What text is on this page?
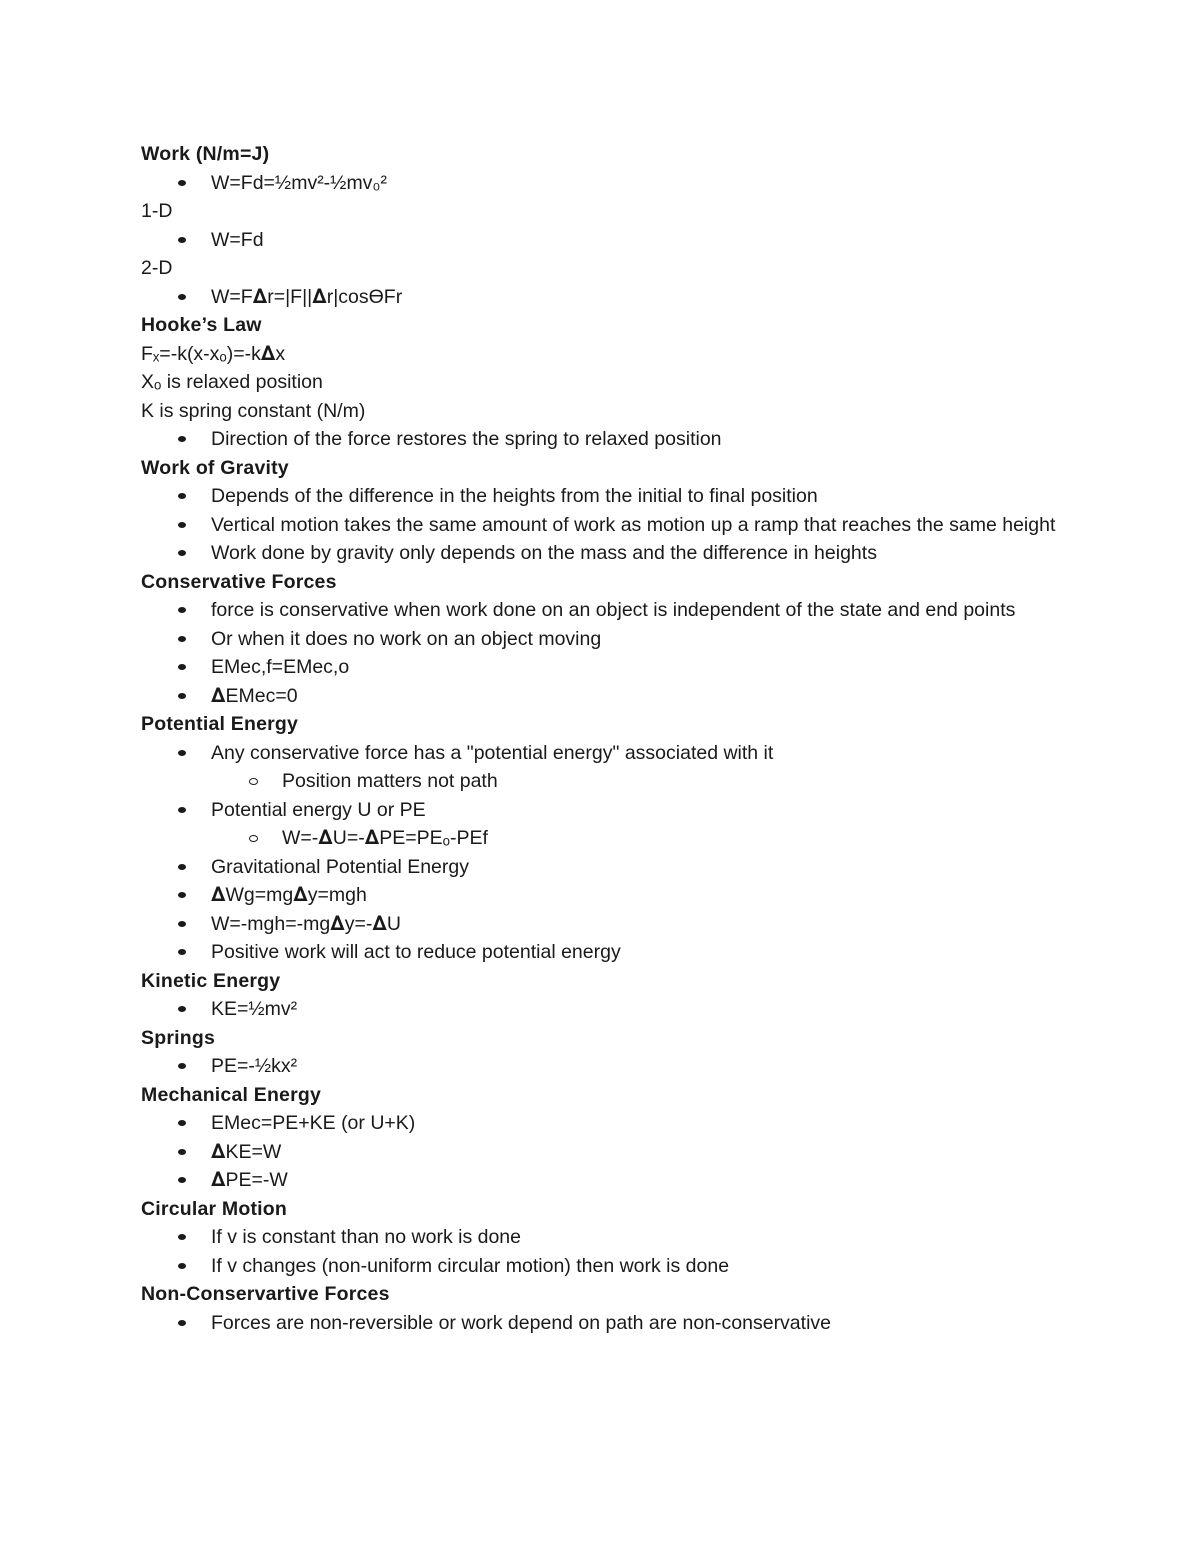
Work (N/m=J)
W=Fd=½mv²-½mv₀²
1-D
W=Fd
2-D
W=F𝚫r=|F||𝚫r|cosϴFr
Hooke’s Law
Fₓ=-k(x-xₒ)=-k𝚫x
Xₒ is relaxed position
K is spring constant (N/m)
Direction of the force restores the spring to relaxed position
Work of Gravity
Depends of the difference in the heights from the initial to final position
Vertical motion takes the same amount of work as motion up a ramp that reaches the same height
Work done by gravity only depends on the mass and the difference in heights
Conservative Forces
force is conservative when work done on an object is independent of the state and end points
Or when it does no work on an object moving
EMec,f=EMec,o
𝚫EMec=0
Potential Energy
Any conservative force has a "potential energy" associated with it
Position matters not path
Potential energy U or PE
W=-𝚫U=-𝚫PE=PEₒ-PEf
Gravitational Potential Energy
𝚫Wg=mg𝚫y=mgh
W=-mgh=-mg𝚫y=-𝚫U
Positive work will act to reduce potential energy
Kinetic Energy
KE=½mv²
Springs
PE=-½kx²
Mechanical Energy
EMec=PE+KE (or U+K)
𝚫KE=W
𝚫PE=-W
Circular Motion
If v is constant than no work is done
If v changes (non-uniform circular motion) then work is done
Non-Conservartive Forces
Forces are non-reversible or work depend on path are non-conservative
